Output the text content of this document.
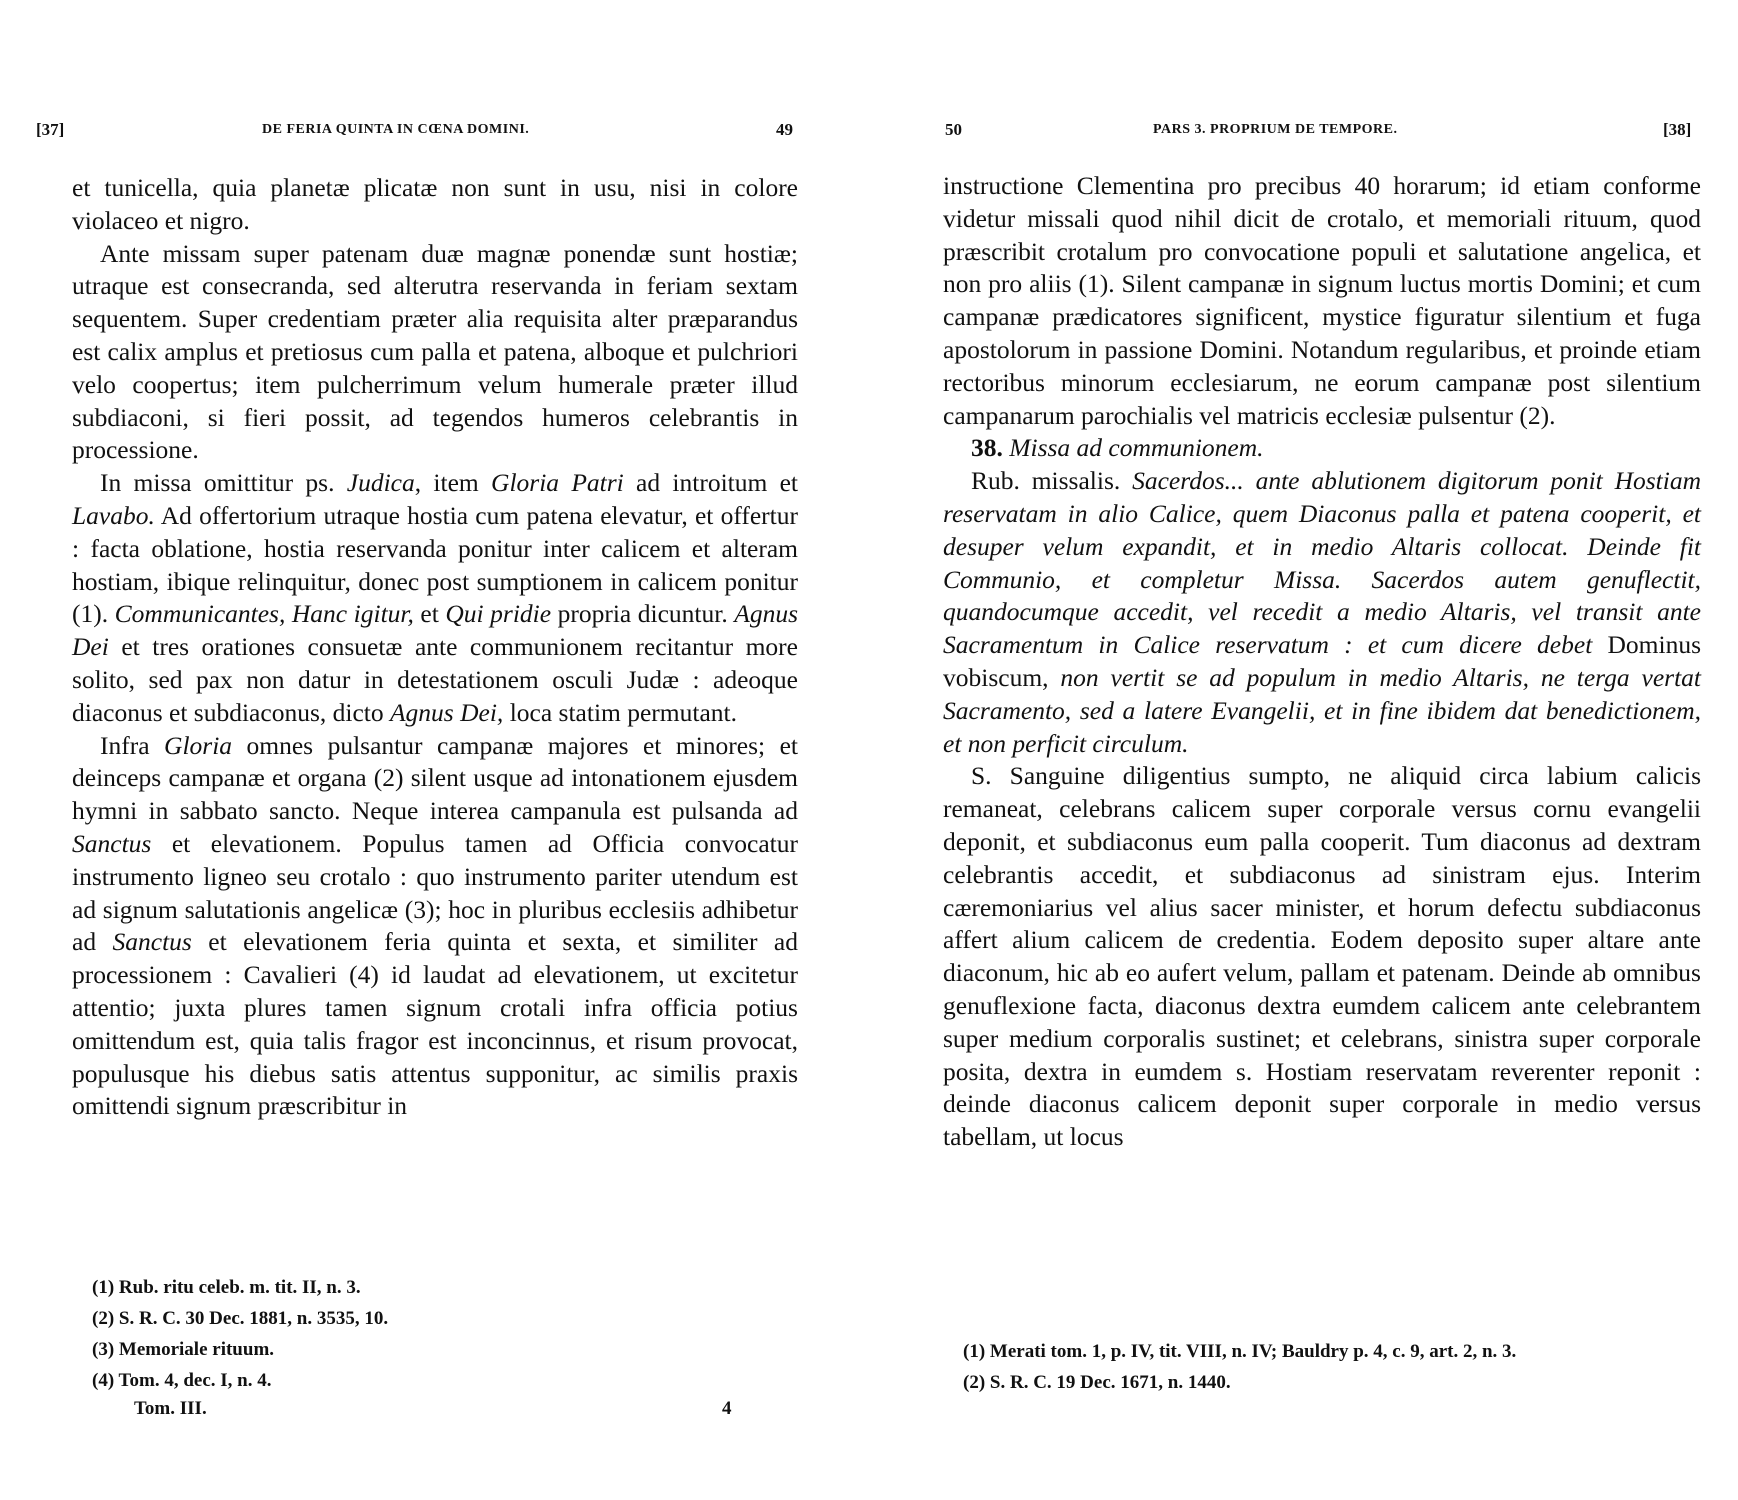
[37]	DE FERIA QUINTA IN CŒNA DOMINI.	49

et tunicella, quia planetæ plicatæ non sunt in usu, nisi in colore violaceo et nigro.

Ante missam super patenam duæ magnæ ponendæ sunt hostiæ; utraque est consecranda, sed alterutra reservanda in feriam sextam sequentem. Super credentiam præter alia requisita alter præparandus est calix amplus et pretiosus cum palla et patena, alboque et pulchriori velo coopertus; item pulcherrimum velum humerale præter illud subdiaconi, si fieri possit, ad tegendos humeros celebrantis in processione.

In missa omittitur ps. Judica, item Gloria Patri ad introitum et Lavabo. Ad offertorium utraque hostia cum patena elevatur, et offertur : facta oblatione, hostia reservanda ponitur inter calicem et alteram hostiam, ibique relinquitur, donec post sumptionem in calicem ponitur (1). Communicantes, Hanc igitur, et Qui pridie propria dicuntur. Agnus Dei et tres orationes consuetæ ante communionem recitantur more solito, sed pax non datur in detestationem osculi Judæ : adeoque diaconus et subdiaconus, dicto Agnus Dei, loca statim permutant.

Infra Gloria omnes pulsantur campanæ majores et minores; et deinceps campanæ et organa (2) silent usque ad intonationem ejusdem hymni in sabbato sancto. Neque interea campanula est pulsanda ad Sanctus et elevationem. Populus tamen ad Officia convocatur instrumento ligneo seu crotalo : quo instrumento pariter utendum est ad signum salutationis angelicæ (3); hoc in pluribus ecclesiis adhibetur ad Sanctus et elevationem feria quinta et sexta, et similiter ad processionem : Cavalieri (4) id laudat ad elevationem, ut excitetur attentio; juxta plures tamen signum crotali infra officia potius omittendum est, quia talis fragor est inconcinnus, et risum provocat, populusque his diebus satis attentus supponitur, ac similis praxis omittendi signum præscribitur in

(1) Rub. ritu celeb. m. tit. II, n. 3.
(2) S. R. C. 30 Dec. 1881, n. 3535, 10.
(3) Memoriale rituum.
(4) Tom. 4, dec. I, n. 4.
Tom. III.	4
50	PARS 3. PROPRIUM DE TEMPORE.	[38]

instructione Clementina pro precibus 40 horarum; id etiam conforme videtur missali quod nihil dicit de crotalo, et memoriali rituum, quod præscribit crotalum pro convocatione populi et salutatione angelica, et non pro aliis (1). Silent campanæ in signum luctus mortis Domini; et cum campanæ prædicatores significent, mystice figuratur silentium et fuga apostolorum in passione Domini. Notandum regularibus, et proinde etiam rectoribus minorum ecclesiarum, ne eorum campanæ post silentium campanarum parochialis vel matricis ecclesiæ pulsentur (2).

38. Missa ad communionem.

Rub. missalis. Sacerdos... ante ablutionem digitorum ponit Hostiam reservatam in alio Calice, quem Diaconus palla et patena cooperit, et desuper velum expandit, et in medio Altaris collocat. Deinde fit Communio, et completur Missa. Sacerdos autem genuflectit, quandocumque accedit, vel recedit a medio Altaris, vel transit ante Sacramentum in Calice reservatum : et cum dicere debet Dominus vobiscum, non vertit se ad populum in medio Altaris, ne terga vertat Sacramento, sed a latere Evangelii, et in fine ibidem dat benedictionem, et non perficit circulum.

S. Sanguine diligentius sumpto, ne aliquid circa labium calicis remaneat, celebrans calicem super corporale versus cornu evangelii deponit, et subdiaconus eum palla cooperit. Tum diaconus ad dextram celebrantis accedit, et subdiaconus ad sinistram ejus. Interim cæremoniarius vel alius sacer minister, et horum defectu subdiaconus affert alium calicem de credentia. Eodem deposito super altare ante diaconum, hic ab eo aufert velum, pallam et patenam. Deinde ab omnibus genuflexione facta, diaconus dextra eumdem calicem ante celebrantem super medium corporalis sustinet; et celebrans, sinistra super corporale posita, dextra in eumdem s. Hostiam reservatam reverenter reponit : deinde diaconus calicem deponit super corporale in medio versus tabellam, ut locus

(1) Merati tom. 1, p. IV, tit. VIII, n. IV; Bauldry p. 4, c. 9, art. 2, n. 3.
(2) S. R. C. 19 Dec. 1671, n. 1440.
